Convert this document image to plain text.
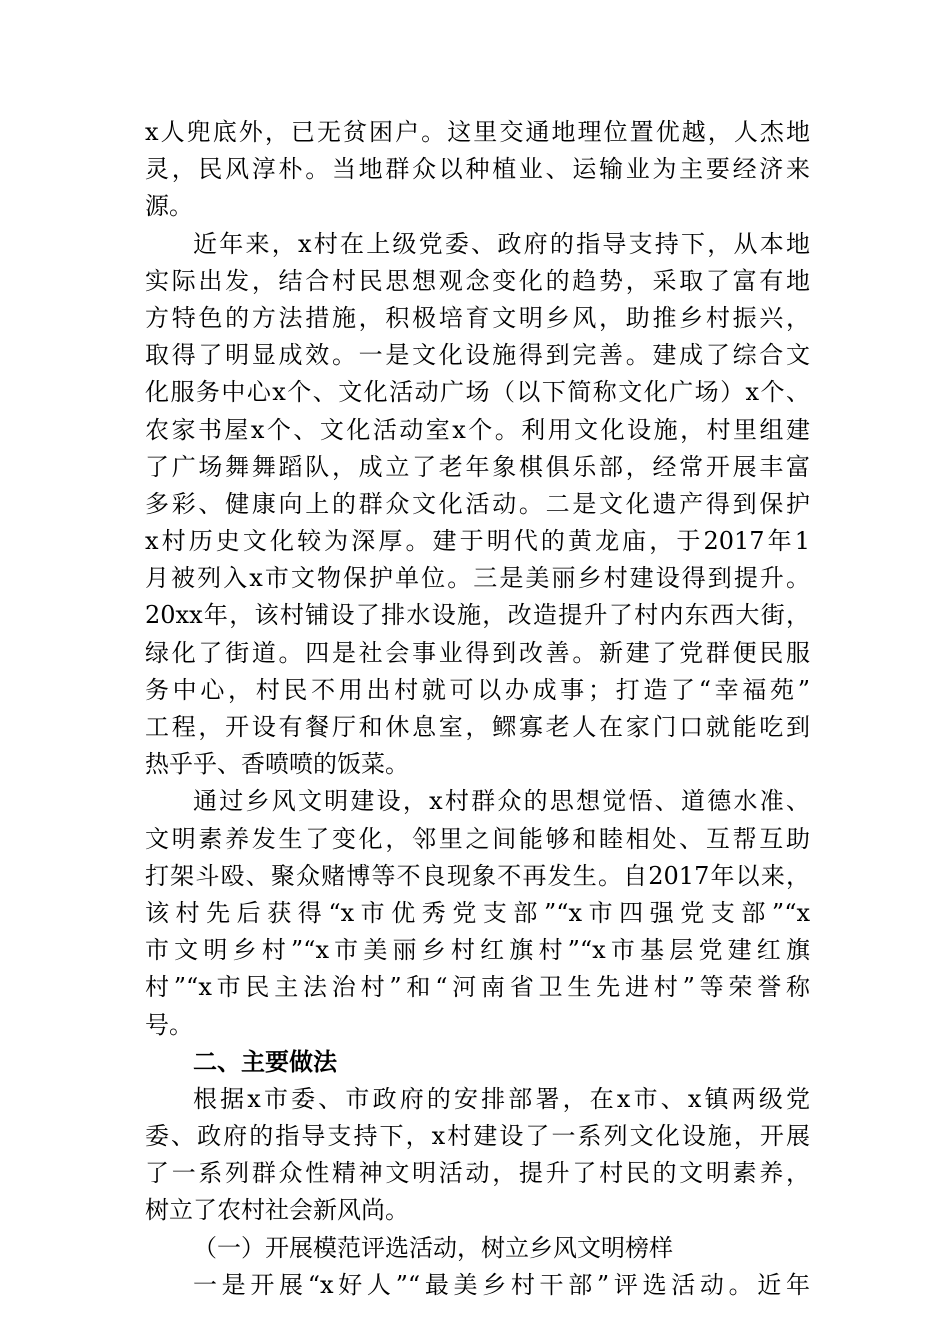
x人兜底外，已无贫困户。这里交通地理位置优越，人杰地
灵，民风淳朴。当地群众以种植业、运输业为主要经济来
源。
近年来，x村在上级党委、政府的指导支持下，从本地
实际出发，结合村民思想观念变化的趋势，采取了富有地
方特色的方法措施，积极培育文明乡风，助推乡村振兴，
取得了明显成效。一是文化设施得到完善。建成了综合文
化服务中心x个、文化活动广场（以下简称文化广场）x个、
农家书屋x个、文化活动室x个。利用文化设施，村里组建
了广场舞舞蹈队，成立了老年象棋俱乐部，经常开展丰富
多彩、健康向上的群众文化活动。二是文化遗产得到保护
x村历史文化较为深厚。建于明代的黄龙庙，于2017年1
月被列入x市文物保护单位。三是美丽乡村建设得到提升。
20xx年，该村铺设了排水设施，改造提升了村内东西大街，
绿化了街道。四是社会事业得到改善。新建了党群便民服
务中心，村民不用出村就可以办成事；打造了“幸福苑”
工程，开设有餐厅和休息室，鳏寡老人在家门口就能吃到
热乎乎、香喷喷的饭菜。
通过乡风文明建设，x村群众的思想觉悟、道德水准、
文明素养发生了变化，邻里之间能够和睦相处、互帮互助
打架斗殴、聚众赌博等不良现象不再发生。自2017年以来，
该村先后获得“x市优秀党支部”“x市四强党支部”“x
市文明乡村”“x市美丽乡村红旗村”“x市基层党建红旗
村”“x市民主法治村”和“河南省卫生先进村”等荣誉称
号。
二、主要做法
根据x市委、市政府的安排部署，在x市、x镇两级党
委、政府的指导支持下，x村建设了一系列文化设施，开展
了一系列群众性精神文明活动，提升了村民的文明素养，
树立了农村社会新风尚。
（一）开展模范评选活动，树立乡风文明榜样
一是开展“x好人”“最美乡村干部”评选活动。近年
